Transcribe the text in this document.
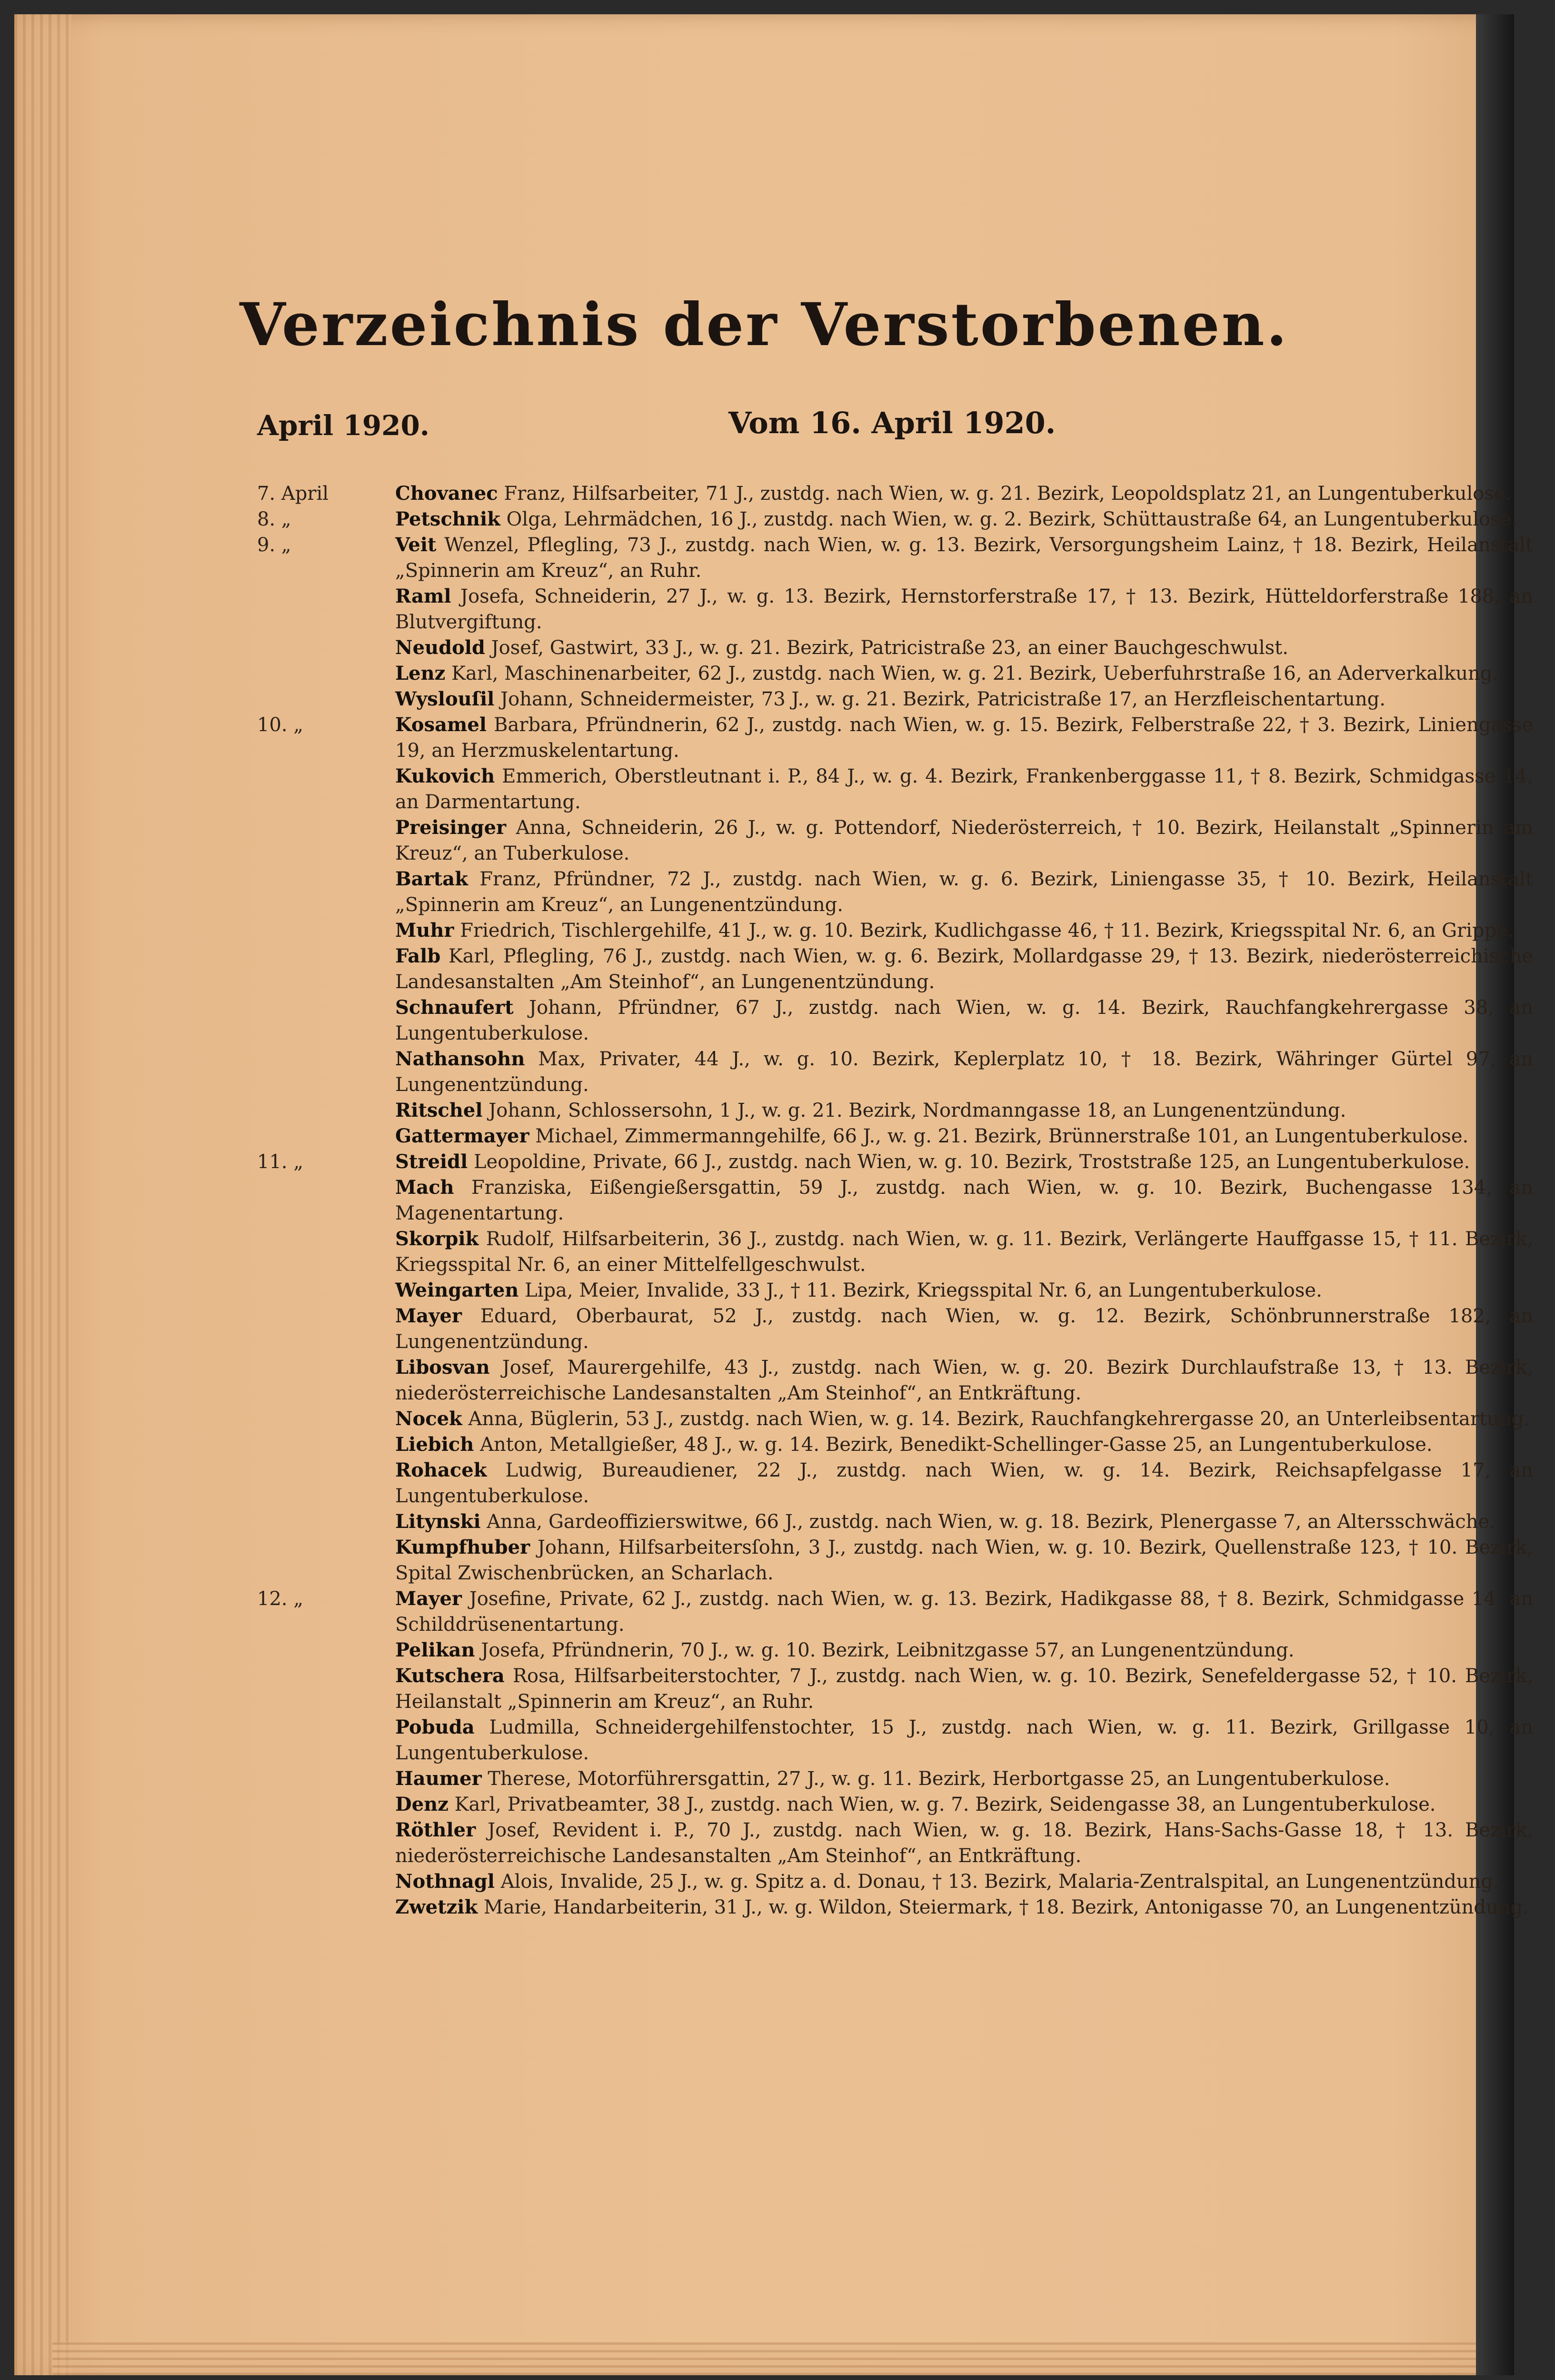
Verzeichnis der Verstorbenen.
April 1920.	Vom 16. April 1920.
7. April	Chovanec Franz, Hilfsarbeiter, 71 J., zustdg. nach Wien, w. g. 21. Bezirk, Leopoldsplatz 21, an Lungentuberkulose.
8. „	Petschnik Olga, Lehrmädchen, 16 J., zustdg. nach Wien, w. g. 2. Bezirk, Schüttaustraße 64, an Lungentuberkulose.
9. „	Veit Wenzel, Pflegling, 73 J., zustdg. nach Wien, w. g. 13. Bezirk, Versorgungsheim Lainz, † 18. Bezirk, Heilanstalt „Spinnerin am Kreuz“, an Ruhr.
Raml Josefa, Schneiderin, 27 J., w. g. 13. Bezirk, Hernstorferstraße 17, † 13. Bezirk, Hütteldorferstraße 188, an Blutvergiftung.
Neudold Josef, Gastwirt, 33 J., w. g. 21. Bezirk, Patricistraße 23, an einer Bauchgeschwulst.
Lenz Karl, Maschinenarbeiter, 62 J., zustdg. nach Wien, w. g. 21. Bezirk, Ueberfuhrstraße 16, an Aderverkalkung.
Wyslouſil Johann, Schneidermeister, 73 J., w. g. 21. Bezirk, Patricistraße 17, an Herzfleischentartung.
10. „	Kosamel Barbara, Pfründnerin, 62 J., zustdg. nach Wien, w. g. 15. Bezirk, Felberstraße 22, † 3. Bezirk, Liniengasse 19, an Herzmuskelentartung.
Kukovich Emmerich, Oberstleutnant i. P., 84 J., w. g. 4. Bezirk, Frankenberggasse 11, † 8. Bezirk, Schmidgasse 14, an Darmentartung.
Preisinger Anna, Schneiderin, 26 J., w. g. Pottendorf, Niederösterreich, † 10. Bezirk, Heilanstalt „Spinnerin am Kreuz“, an Tuberkulose.
Bartak Franz, Pfründner, 72 J., zustdg. nach Wien, w. g. 6. Bezirk, Liniengasse 35, † 10. Bezirk, Heilanstalt „Spinnerin am Kreuz“, an Lungenentzündung.
Muhr Friedrich, Tischlergehilfe, 41 J., w. g. 10. Bezirk, Kudlichgasse 46, † 11. Bezirk, Kriegsspital Nr. 6, an Grippe.
Falb Karl, Pflegling, 76 J., zustdg. nach Wien, w. g. 6. Bezirk, Mollardgasse 29, † 13. Bezirk, niederösterreichische Landesanstalten „Am Steinhof“, an Lungenentzündung.
Schnaufert Johann, Pfründner, 67 J., zustdg. nach Wien, w. g. 14. Bezirk, Rauchfangkehrergasse 38, an Lungentuberkulose.
Nathansohn Max, Privater, 44 J., w. g. 10. Bezirk, Keplerplatz 10, † 18. Bezirk, Währinger Gürtel 97, an Lungenentzündung.
Ritschel Johann, Schlossersohn, 1 J., w. g. 21. Bezirk, Nordmanngasse 18, an Lungenentzündung.
Gattermayer Michael, Zimmermanngehilfe, 66 J., w. g. 21. Bezirk, Brünnerstraße 101, an Lungentuberkulose.
11. „	Streidl Leopoldine, Private, 66 J., zustdg. nach Wien, w. g. 10. Bezirk, Troststraße 125, an Lungentuberkulose.
Mach Franziska, Eißengießersgattin, 59 J., zustdg. nach Wien, w. g. 10. Bezirk, Buchengasse 134, an Magenentartung.
Skorpik Rudolf, Hilfsarbeiterin, 36 J., zustdg. nach Wien, w. g. 11. Bezirk, Verlängerte Hauffgasse 15, † 11. Bezirk, Kriegsspital Nr. 6, an einer Mittelfellgeschwulst.
Weingarten Lipa, Meier, Invalide, 33 J., † 11. Bezirk, Kriegsspital Nr. 6, an Lungentuberkulose.
Mayer Eduard, Oberbaurat, 52 J., zustdg. nach Wien, w. g. 12. Bezirk, Schönbrunnerstraße 182, an Lungenentzündung.
Libosvan Josef, Maurergehilfe, 43 J., zustdg. nach Wien, w. g. 20. Bezirk Durchlaufstraße 13, † 13. Bezirk, niederösterreichische Landesanstalten „Am Steinhof“, an Entkräftung.
Nocek Anna, Büglerin, 53 J., zustdg. nach Wien, w. g. 14. Bezirk, Rauchfangkehrergasse 20, an Unterleibsentartung.
Liebich Anton, Metallgießer, 48 J., w. g. 14. Bezirk, Benedikt-Schellinger-Gasse 25, an Lungentuberkulose.
Rohacek Ludwig, Bureaudiener, 22 J., zustdg. nach Wien, w. g. 14. Bezirk, Reichsapfelgasse 17, an Lungentuberkulose.
Litynski Anna, Gardeoffizierswitwe, 66 J., zustdg. nach Wien, w. g. 18. Bezirk, Plenergasse 7, an Altersschwäche.
Kumpfhuber Johann, Hilfsarbeitersſohn, 3 J., zustdg. nach Wien, w. g. 10. Bezirk, Quellenstraße 123, † 10. Bezirk, Spital Zwischenbrücken, an Scharlach.
12. „	Mayer Josefine, Private, 62 J., zustdg. nach Wien, w. g. 13. Bezirk, Hadikgasse 88, † 8. Bezirk, Schmidgasse 14, an Schilddrüsenentartung.
Pelikan Josefa, Pfründnerin, 70 J., w. g. 10. Bezirk, Leibnitzgasse 57, an Lungenentzündung.
Kutschera Rosa, Hilfsarbeiterstochter, 7 J., zustdg. nach Wien, w. g. 10. Bezirk, Senefeldergasse 52, † 10. Bezirk, Heilanstalt „Spinnerin am Kreuz“, an Ruhr.
Pobuda Ludmilla, Schneidergehilfenstochter, 15 J., zustdg. nach Wien, w. g. 11. Bezirk, Grillgasse 10, an Lungentuberkulose.
Haumer Therese, Motorführersgattin, 27 J., w. g. 11. Bezirk, Herbortgasse 25, an Lungentuberkulose.
Denz Karl, Privatbeamter, 38 J., zustdg. nach Wien, w. g. 7. Bezirk, Seidengasse 38, an Lungentuberkulose.
Röthler Josef, Revident i. P., 70 J., zustdg. nach Wien, w. g. 18. Bezirk, Hans-Sachs-Gasse 18, † 13. Bezirk, niederösterreichische Landesanstalten „Am Steinhof“, an Entkräftung.
Nothnagl Alois, Invalide, 25 J., w. g. Spitz a. d. Donau, † 13. Bezirk, Malaria-Zentralspital, an Lungenentzündung.
Zwetzik Marie, Handarbeiterin, 31 J., w. g. Wildon, Steiermark, † 18. Bezirk, Antonigasse 70, an Lungenentzündung.
